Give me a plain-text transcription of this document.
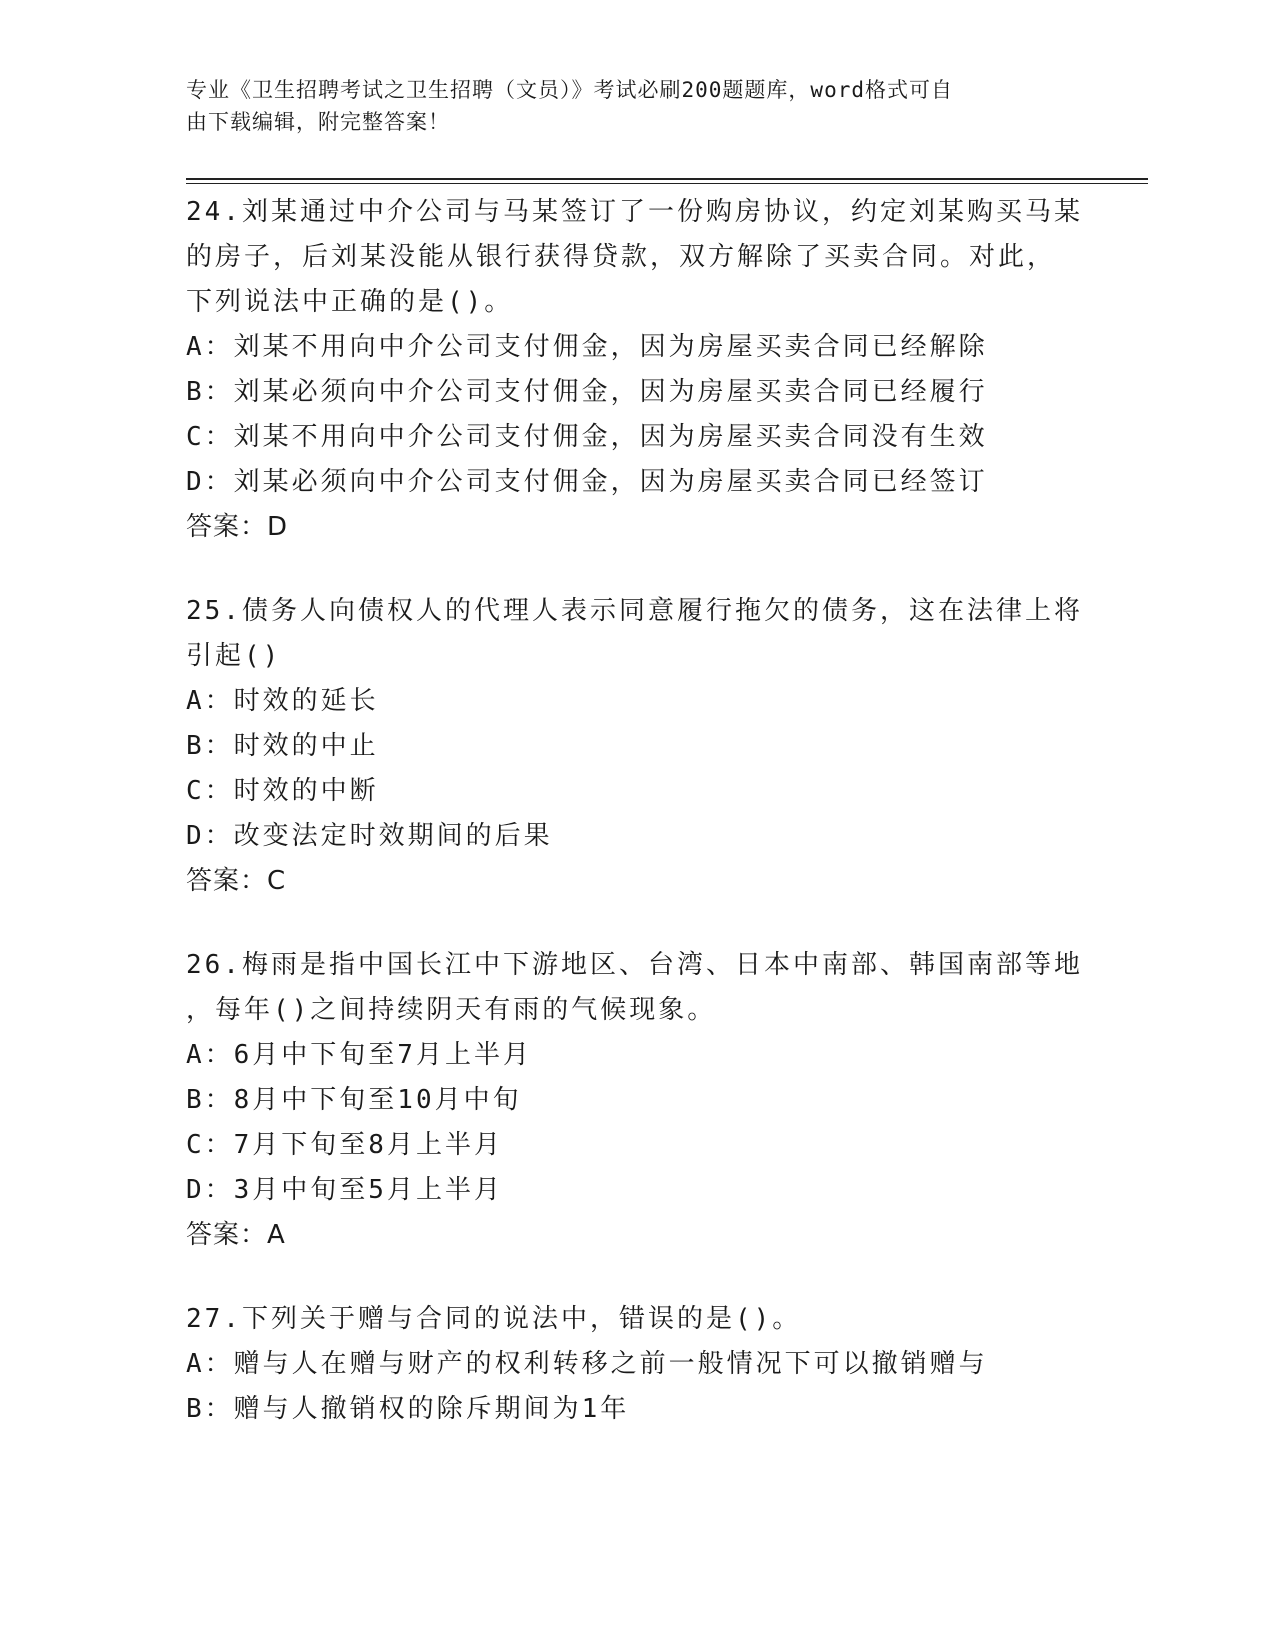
专业《卫生招聘考试之卫生招聘（文员）》考试必刷200题题库，word格式可自
由下载编辑，附完整答案！
24.刘某通过中介公司与马某签订了一份购房协议，约定刘某购买马某
的房子，后刘某没能从银行获得贷款，双方解除了买卖合同。对此，
下列说法中正确的是()。
A：刘某不用向中介公司支付佣金，因为房屋买卖合同已经解除
B：刘某必须向中介公司支付佣金，因为房屋买卖合同已经履行
C：刘某不用向中介公司支付佣金，因为房屋买卖合同没有生效
D：刘某必须向中介公司支付佣金，因为房屋买卖合同已经签订
答案：D
25.债务人向债权人的代理人表示同意履行拖欠的债务，这在法律上将
引起()
A：时效的延长
B：时效的中止
C：时效的中断
D：改变法定时效期间的后果
答案：C
26.梅雨是指中国长江中下游地区、台湾、日本中南部、韩国南部等地
，每年()之间持续阴天有雨的气候现象。
A：6月中下旬至7月上半月
B：8月中下旬至10月中旬
C：7月下旬至8月上半月
D：3月中旬至5月上半月
答案：A
27.下列关于赠与合同的说法中，错误的是()。
A：赠与人在赠与财产的权利转移之前一般情况下可以撤销赠与
B：赠与人撤销权的除斥期间为1年
